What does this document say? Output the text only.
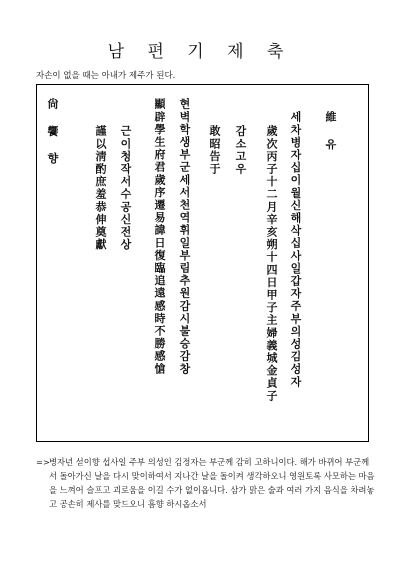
남 편 기 제 축
자손이 없을 때는 아내가 제주가 된다.
維 유
세차병자십이월신해삭십사일갑자주부의성김성자
歲次丙子十二月辛亥朔十四日甲子主婦義城金貞子
감소고우
敢昭告于
현벽학생부군세서천역휘일부림추원감시불승감창
顯辟學生府君歲序遷易諱日復臨追遠感時不勝感愴
근이청작서수공신전상
謹以淸酌庶羞恭伸奠獻
尙 饗 향
=> 병자년 섣이향 섭사일 주부 의성인 김정자는 부군께 감히 고하니이다. 해가 바뀌어 부군께서 돌아가신 날을 다시 맞이하여서 지나간 날을 돌이켜 생각하오니 영원토록 사모하는 마음을 느껴어 슬프고 괴로움을 이길 수가 없이옵니다. 삼가 맑은 술과 여러 가지 음식을 차려놓고 공손히 제사를 맞드오니 흠향 하시옵소서
